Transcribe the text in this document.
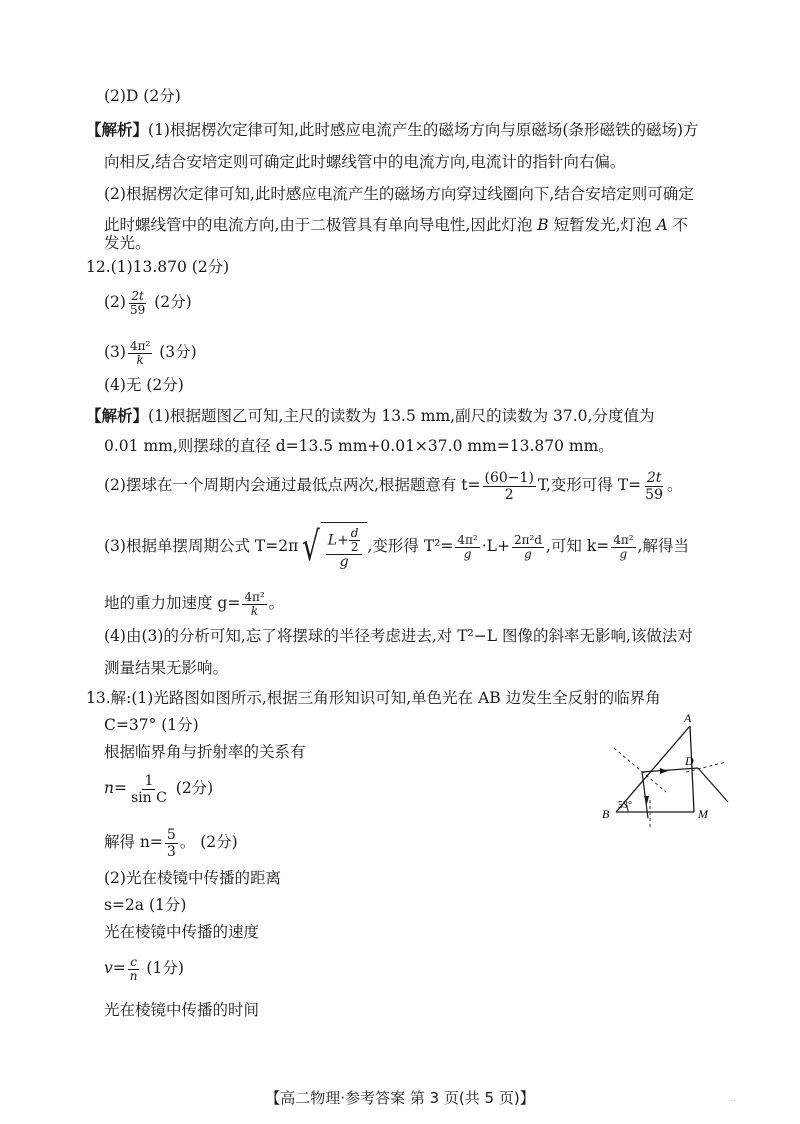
(2)D (2分)
【解析】(1)根据楞次定律可知,此时感应电流产生的磁场方向与原磁场(条形磁铁的磁场)方
向相反,结合安培定则可确定此时螺线管中的电流方向,电流计的指针向右偏。
(2)根据楞次定律可知,此时感应电流产生的磁场方向穿过线圈向下,结合安培定则可确定
此时螺线管中的电流方向,由于二极管具有单向导电性,因此灯泡 B 短暂发光,灯泡 A 不
发光。
12.(1)13.870 (2分)
$(2) \frac{2t}{59} (2$分)
$(3) \frac{\text{4π²}}{k} (3$分)
(4)无 (2分)
【解析】(1)根据题图乙可知,主尺的读数为 13.5 mm,副尺的读数为 37.0,分度值为
0.01 mm,则摆球的直径 d=13.5 mm+0.01×37.0 mm=13.870 mm。
(2)摆球在一个周期内会通过最低点两次,根据题意有 $t= \frac{(60-1)}{2} T$,变形可得 $T= \frac{2t}{59}$ 。
(3)根据单摆周期公式 T=2π √ $\frac{L+ \frac{d}{2}}{g}$ ,变形得 $T^2= \frac{\text{4π²}}{g} \cdot L+ \frac{\text{2π²d}}{g}$ ,可知 $k= \frac{\text{4π²}}{g}$ ,解得当
地的重力加速度 $g= \frac{\text{4π²}}{k}$ 。
(4)由(3)的分析可知,忘了将摆球的半径考虑进去,对 T²−L 图像的斜率无影响,该做法对
测量结果无影响。
13.解:(1)光路图如图所示,根据三角形知识可知,单色光在 AB 边发生全反射的临界角
C=37° (1分)
根据临界角与折射率的关系有
$n= \frac{1}{\text{sin C}} (2$分)
解得 $n= \frac{5}{3}$ 。 (2分)
(2)光在棱镜中传播的距离
s=2a (1分)
光在棱镜中传播的速度
$v= \frac{c}{n} (1$分)
光在棱镜中传播的时间
A
B	M
D
53°
【高二物理·参考答案 第 3 页(共 5 页)】	..
